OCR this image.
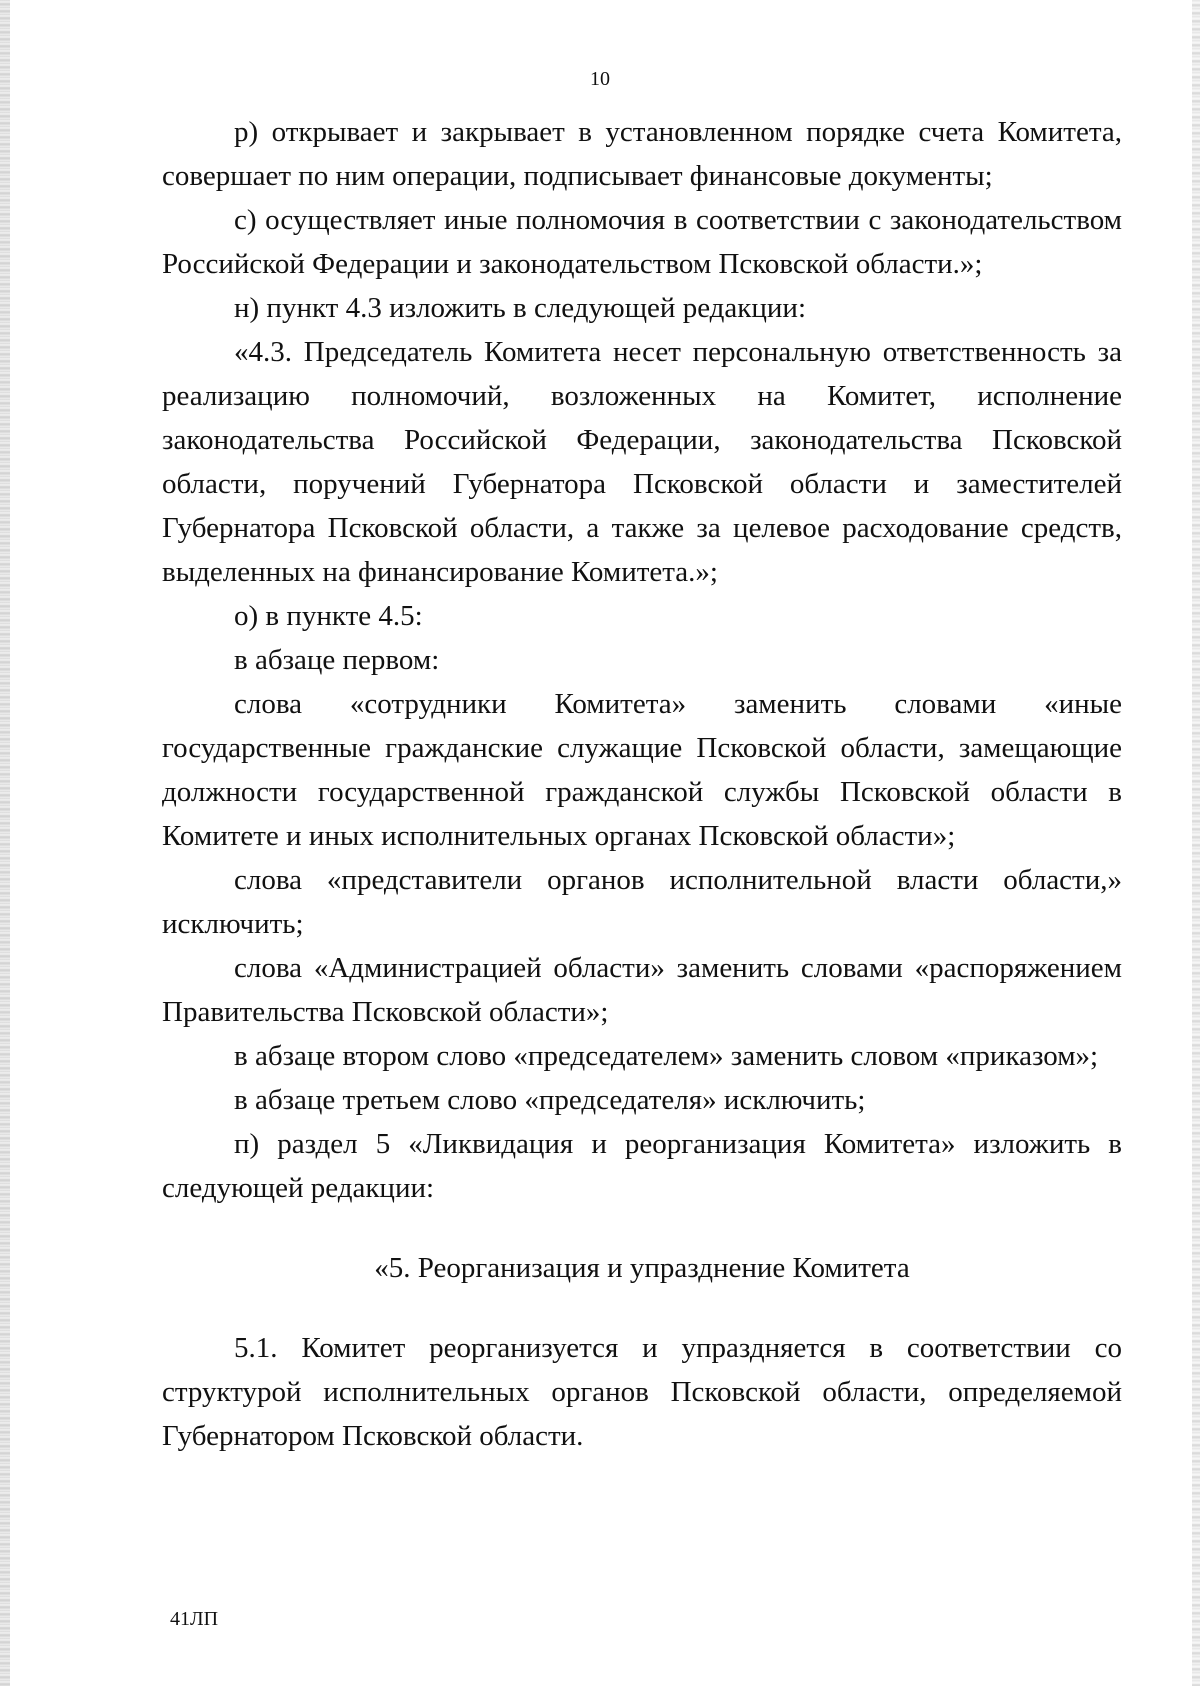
10

р) открывает и закрывает в установленном порядке счета Комитета, совершает по ним операции, подписывает финансовые документы;

с) осуществляет иные полномочия в соответствии с законодательством Российской Федерации и законодательством Псковской области.»;

н) пункт 4.3 изложить в следующей редакции:

«4.3. Председатель Комитета несет персональную ответственность за реализацию полномочий, возложенных на Комитет, исполнение законодательства Российской Федерации, законодательства Псковской области, поручений Губернатора Псковской области и заместителей Губернатора Псковской области, а также за целевое расходование средств, выделенных на финансирование Комитета.»;

о) в пункте 4.5:

в абзаце первом:

слова «сотрудники Комитета» заменить словами «иные государственные гражданские служащие Псковской области, замещающие должности государственной гражданской службы Псковской области в Комитете и иных исполнительных органах Псковской области»;

слова «представители органов исполнительной власти области,» исключить;

слова «Администрацией области» заменить словами «распоряжением Правительства Псковской области»;

в абзаце втором слово «председателем» заменить словом «приказом»;

в абзаце третьем слово «председателя» исключить;

п) раздел 5 «Ликвидация и реорганизация Комитета» изложить в следующей редакции:

«5. Реорганизация и упразднение Комитета

5.1. Комитет реорганизуется и упраздняется в соответствии со структурой исполнительных органов Псковской области, определяемой Губернатором Псковской области.

41ЛП
